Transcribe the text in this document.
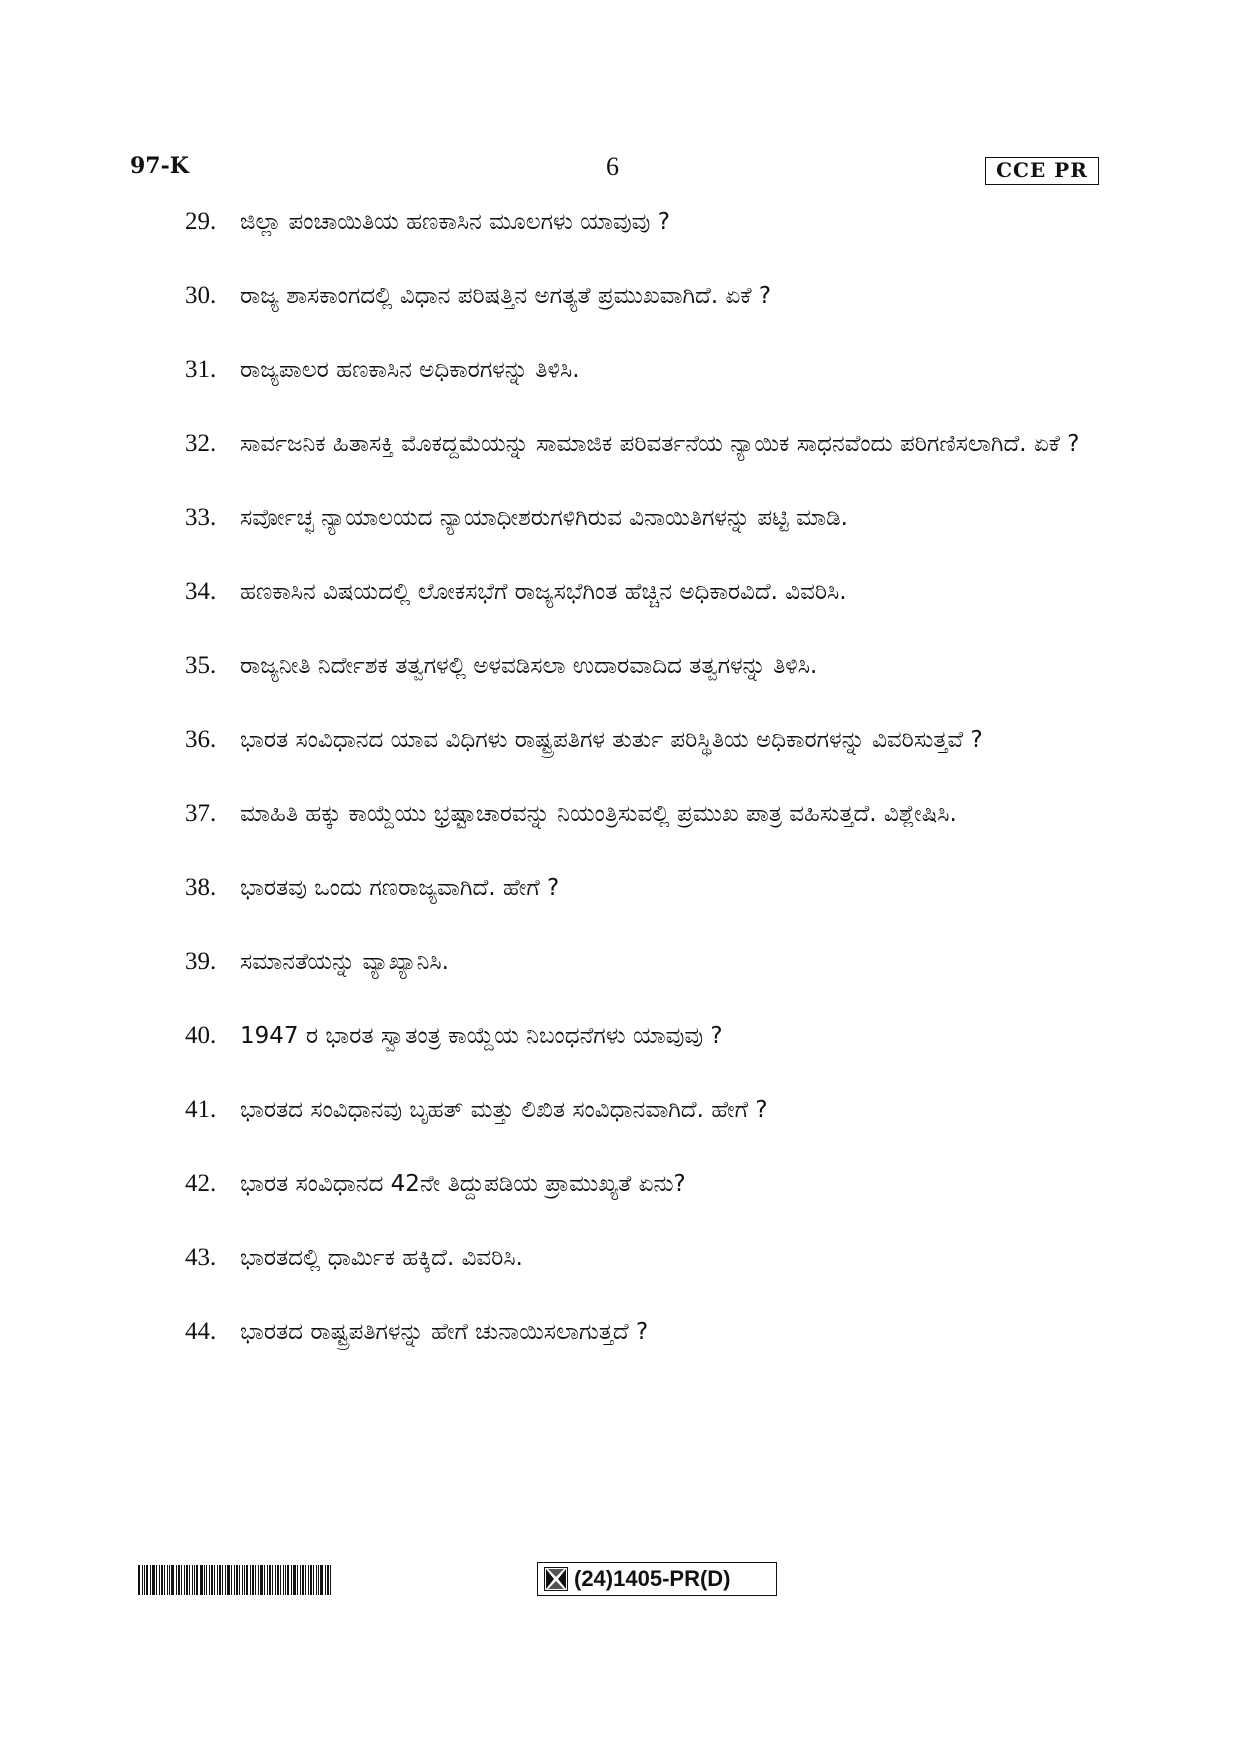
97-K	6	CCE PR
29.	ಜಿಲ್ಲಾ ಪಂಚಾಯಿತಿಯ ಹಣಕಾಸಿನ ಮೂಲಗಳು ಯಾವುವು ?
30.	ರಾಜ್ಯ ಶಾಸಕಾಂಗದಲ್ಲಿ ವಿಧಾನ ಪರಿಷತ್ತಿನ ಅಗತ್ಯತೆ ಪ್ರಮುಖವಾಗಿದೆ. ಏಕೆ ?
31.	ರಾಜ್ಯಪಾಲರ ಹಣಕಾಸಿನ ಅಧಿಕಾರಗಳನ್ನು ತಿಳಿಸಿ.
32.	ಸಾರ್ವಜನಿಕ ಹಿತಾಸಕ್ತಿ ಮೊಕದ್ದಮೆಯನ್ನು ಸಾಮಾಜಿಕ ಪರಿವರ್ತನೆಯ ನ್ಯಾಯಿಕ ಸಾಧನವೆಂದು ಪರಿಗಣಿಸಲಾಗಿದೆ. ಏಕೆ ?
33.	ಸರ್ವೋಚ್ಛ ನ್ಯಾಯಾಲಯದ ನ್ಯಾಯಾಧೀಶರುಗಳಿಗಿರುವ ವಿನಾಯಿತಿಗಳನ್ನು ಪಟ್ಟಿ ಮಾಡಿ.
34.	ಹಣಕಾಸಿನ ವಿಷಯದಲ್ಲಿ ಲೋಕಸಭೆಗೆ ರಾಜ್ಯಸಭೆಗಿಂತ ಹೆಚ್ಚಿನ ಅಧಿಕಾರವಿದೆ. ವಿವರಿಸಿ.
35.	ರಾಜ್ಯನೀತಿ ನಿರ್ದೇಶಕ ತತ್ವಗಳಲ್ಲಿ ಅಳವಡಿಸಲಾ ಉದಾರವಾದಿದ ತತ್ವಗಳನ್ನು ತಿಳಿಸಿ.
36.	ಭಾರತ ಸಂವಿಧಾನದ ಯಾವ ವಿಧಿಗಳು ರಾಷ್ಟ್ರಪತಿಗಳ ತುರ್ತು ಪರಿಸ್ಥಿತಿಯ ಅಧಿಕಾರಗಳನ್ನು ವಿವರಿಸುತ್ತವೆ ?
37.	ಮಾಹಿತಿ ಹಕ್ಕು ಕಾಯ್ದೆಯು ಭ್ರಷ್ಟಾಚಾರವನ್ನು ನಿಯಂತ್ರಿಸುವಲ್ಲಿ ಪ್ರಮುಖ ಪಾತ್ರ ವಹಿಸುತ್ತದೆ. ವಿಶ್ಲೇಷಿಸಿ.
38.	ಭಾರತವು ಒಂದು ಗಣರಾಜ್ಯವಾಗಿದೆ. ಹೇಗೆ ?
39.	ಸಮಾನತೆಯನ್ನು ವ್ಯಾಖ್ಯಾನಿಸಿ.
40.	1947 ರ ಭಾರತ ಸ್ವಾತಂತ್ರ ಕಾಯ್ದೆಯ ನಿಬಂಧನೆಗಳು ಯಾವುವು ?
41.	ಭಾರತದ ಸಂವಿಧಾನವು ಬೃಹತ್ ಮತ್ತು ಲಿಖಿತ ಸಂವಿಧಾನವಾಗಿದೆ. ಹೇಗೆ ?
42.	ಭಾರತ ಸಂವಿಧಾನದ 42ನೇ ತಿದ್ದುಪಡಿಯ ಪ್ರಾಮುಖ್ಯತೆ ಏನು?
43.	ಭಾರತದಲ್ಲಿ ಧಾರ್ಮಿಕ ಹಕ್ಕಿದೆ. ವಿವರಿಸಿ.
44.	ಭಾರತದ ರಾಷ್ಟ್ರಪತಿಗಳನ್ನು ಹೇಗೆ ಚುನಾಯಿಸಲಾಗುತ್ತದೆ ?
(24)1405-PR(D)
